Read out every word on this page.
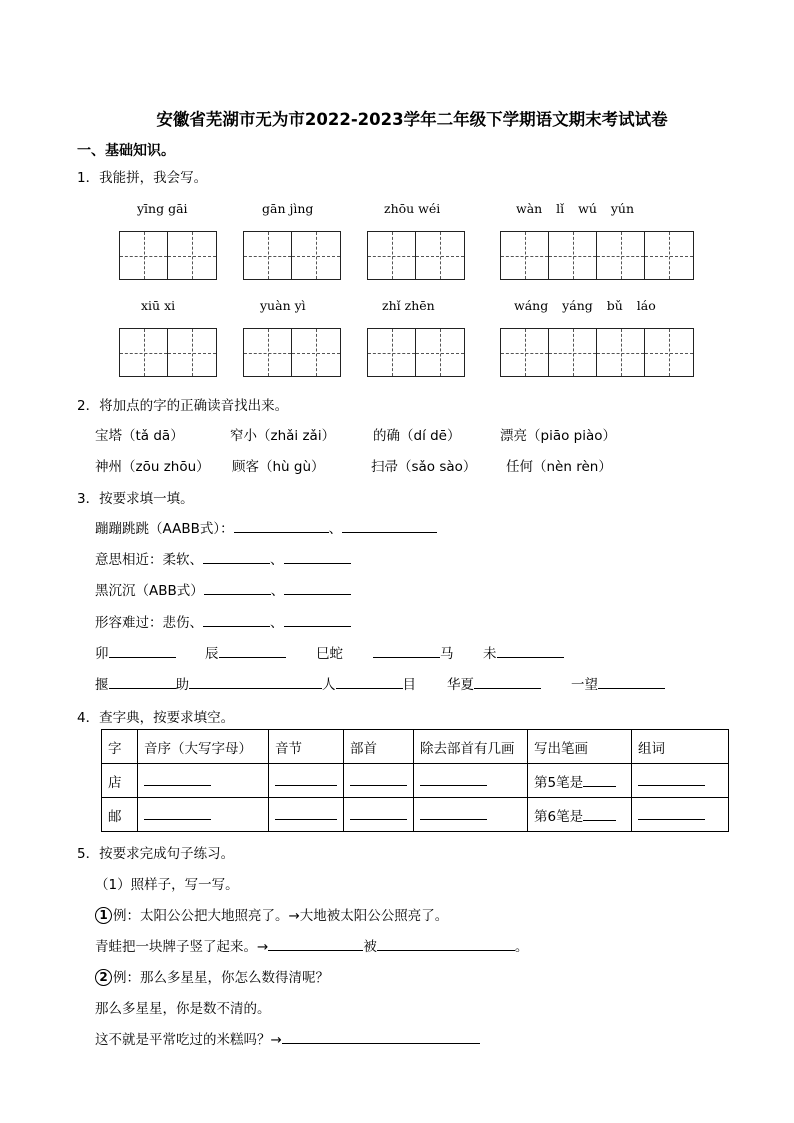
安徽省芜湖市无为市2022-2023学年二年级下学期语文期末考试试卷
一、基础知识。
1．我能拼，我会写。
yīng gāi	gān jìng	zhōu wéi	wàn lǐ wú yún
xiū xi	yuàn yì	zhǐ zhēn	wáng yáng bǔ láo
2．将加点的字的正确读音找出来。
宝塔（tǎ dā）	窄小（zhǎi zǎi）	的确（dí dē）	漂亮（piāo piào）
神州（zōu zhōu） 顾客（hù gù）	扫帚（sǎo sào） 任何（nèn rèn）
3．按要求填一填。
蹦蹦跳跳（AABB式）：	、
意思相近：柔软、	、
黑沉沉（ABB式）	、
形容难过：悲伤、	、
卯	辰	巳蛇	马 未
揠	助	人	目 华夏	一望
4．查字典，按要求填空。
字	音序（大写字母）	音节	部首	除去部首有几画	写出笔画	组词
店					第5笔是	
邮					第6笔是	
5．按要求完成句子练习。
（1）照样子，写一写。
1 例：太阳公公把大地照亮了。→大地被太阳公公照亮了。
青蛙把一块牌子竖了起来。→	被	。
2 例：那么多星星，你怎么数得清呢？
那么多星星，你是数不清的。
这不就是平常吃过的米糕吗？→
